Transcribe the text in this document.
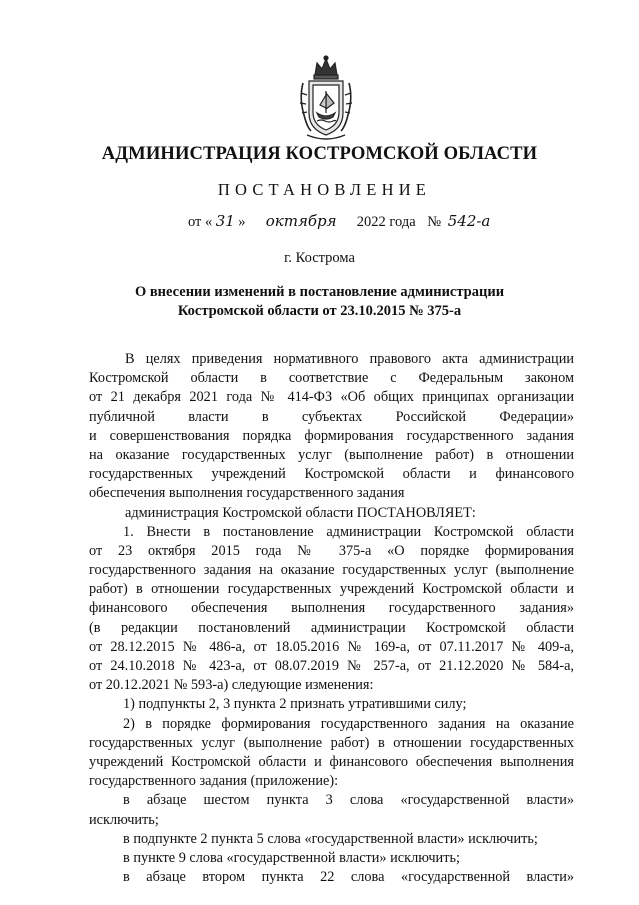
АДМИНИСТРАЦИЯ КОСТРОМСКОЙ ОБЛАСТИ
ПОСТАНОВЛЕНИЕ
от « 31 » октября 2022 года № 542-а
г. Кострома
О внесении изменений в постановление администрации
Костромской области от 23.10.2015 № 375-а
В целях приведения нормативного правового акта администрации
Костромской области в соответствие с Федеральным законом
от 21 декабря 2021 года № 414-ФЗ «Об общих принципах организации
публичной власти в субъектах Российской Федерации»
и совершенствования порядка формирования государственного задания
на оказание государственных услуг (выполнение работ) в отношении
государственных учреждений Костромской области и финансового
обеспечения выполнения государственного задания
администрация Костромской области ПОСТАНОВЛЯЕТ:
1. Внести в постановление администрации Костромской области
от 23 октября 2015 года № 375-а «О порядке формирования
государственного задания на оказание государственных услуг (выполнение
работ) в отношении государственных учреждений Костромской области и
финансового обеспечения выполнения государственного задания»
(в редакции постановлений администрации Костромской области
от 28.12.2015 № 486-а, от 18.05.2016 № 169-а, от 07.11.2017 № 409-а,
от 24.10.2018 № 423-а, от 08.07.2019 № 257-а, от 21.12.2020 № 584-а,
от 20.12.2021 № 593-а) следующие изменения:
1) подпункты 2, 3 пункта 2 признать утратившими силу;
2) в порядке формирования государственного задания на оказание
государственных услуг (выполнение работ) в отношении государственных
учреждений Костромской области и финансового обеспечения выполнения
государственного задания (приложение):
в абзаце шестом пункта 3 слова «государственной власти»
исключить;
в подпункте 2 пункта 5 слова «государственной власти» исключить;
в пункте 9 слова «государственной власти» исключить;
в абзаце втором пункта 22 слова «государственной власти»
